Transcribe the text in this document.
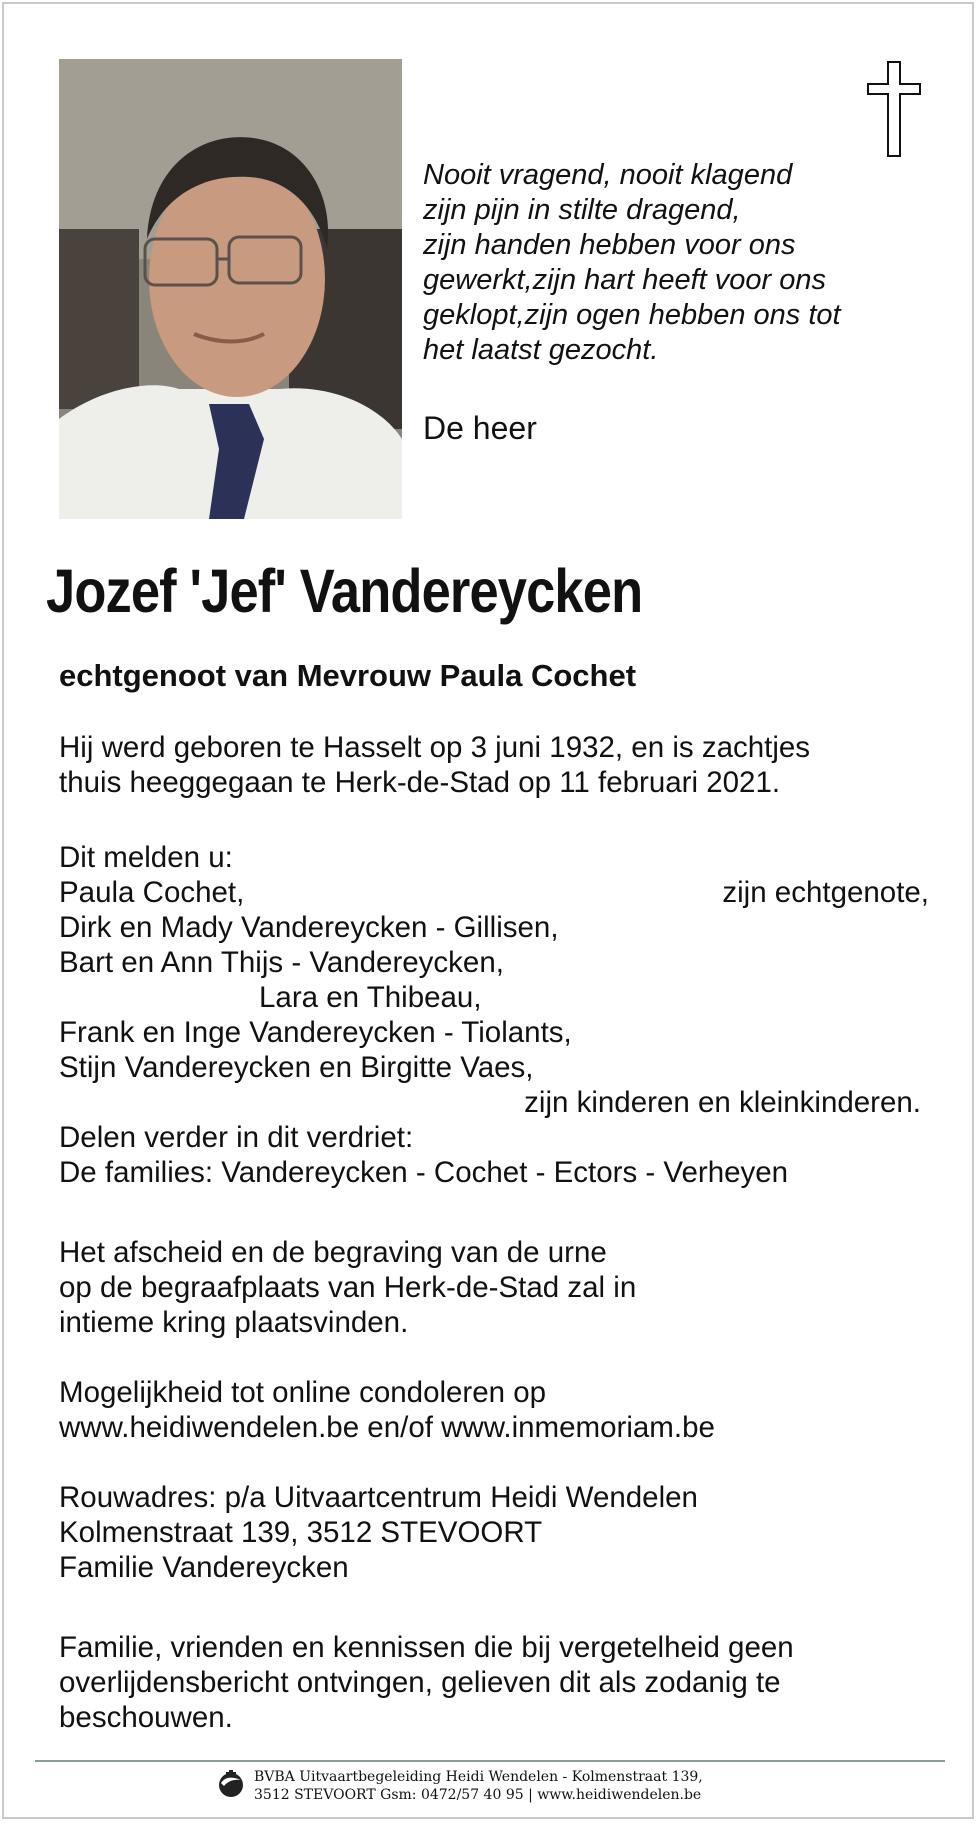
Nooit vragend, nooit klagend
zijn pijn in stilte dragend,
zijn handen hebben voor ons
gewerkt,zijn hart heeft voor ons
geklopt,zijn ogen hebben ons tot
het laatst gezocht.
De heer
Jozef 'Jef' Vandereycken
echtgenoot van Mevrouw Paula Cochet
Hij werd geboren te Hasselt op 3 juni 1932, en is zachtjes
thuis heeggegaan te Herk-de-Stad op 11 februari 2021.
Dit melden u:
Paula Cochet,	zijn echtgenote,
Dirk en Mady Vandereycken - Gillisen,
Bart en Ann Thijs - Vandereycken,
Lara en Thibeau,
Frank en Inge Vandereycken - Tiolants,
Stijn Vandereycken en Birgitte Vaes,
zijn kinderen en kleinkinderen.
Delen verder in dit verdriet:
De families: Vandereycken - Cochet - Ectors - Verheyen
Het afscheid en de begraving van de urne
op de begraafplaats van Herk-de-Stad zal in
intieme kring plaatsvinden.
Mogelijkheid tot online condoleren op
www.heidiwendelen.be en/of www.inmemoriam.be
Rouwadres: p/a Uitvaartcentrum Heidi Wendelen
Kolmenstraat 139, 3512 STEVOORT
Familie Vandereycken
Familie, vrienden en kennissen die bij vergetelheid geen
overlijdensbericht ontvingen, gelieven dit als zodanig te
beschouwen.
BVBA Uitvaartbegeleiding Heidi Wendelen - Kolmenstraat 139,
3512 STEVOORT Gsm: 0472/57 40 95 | www.heidiwendelen.be
